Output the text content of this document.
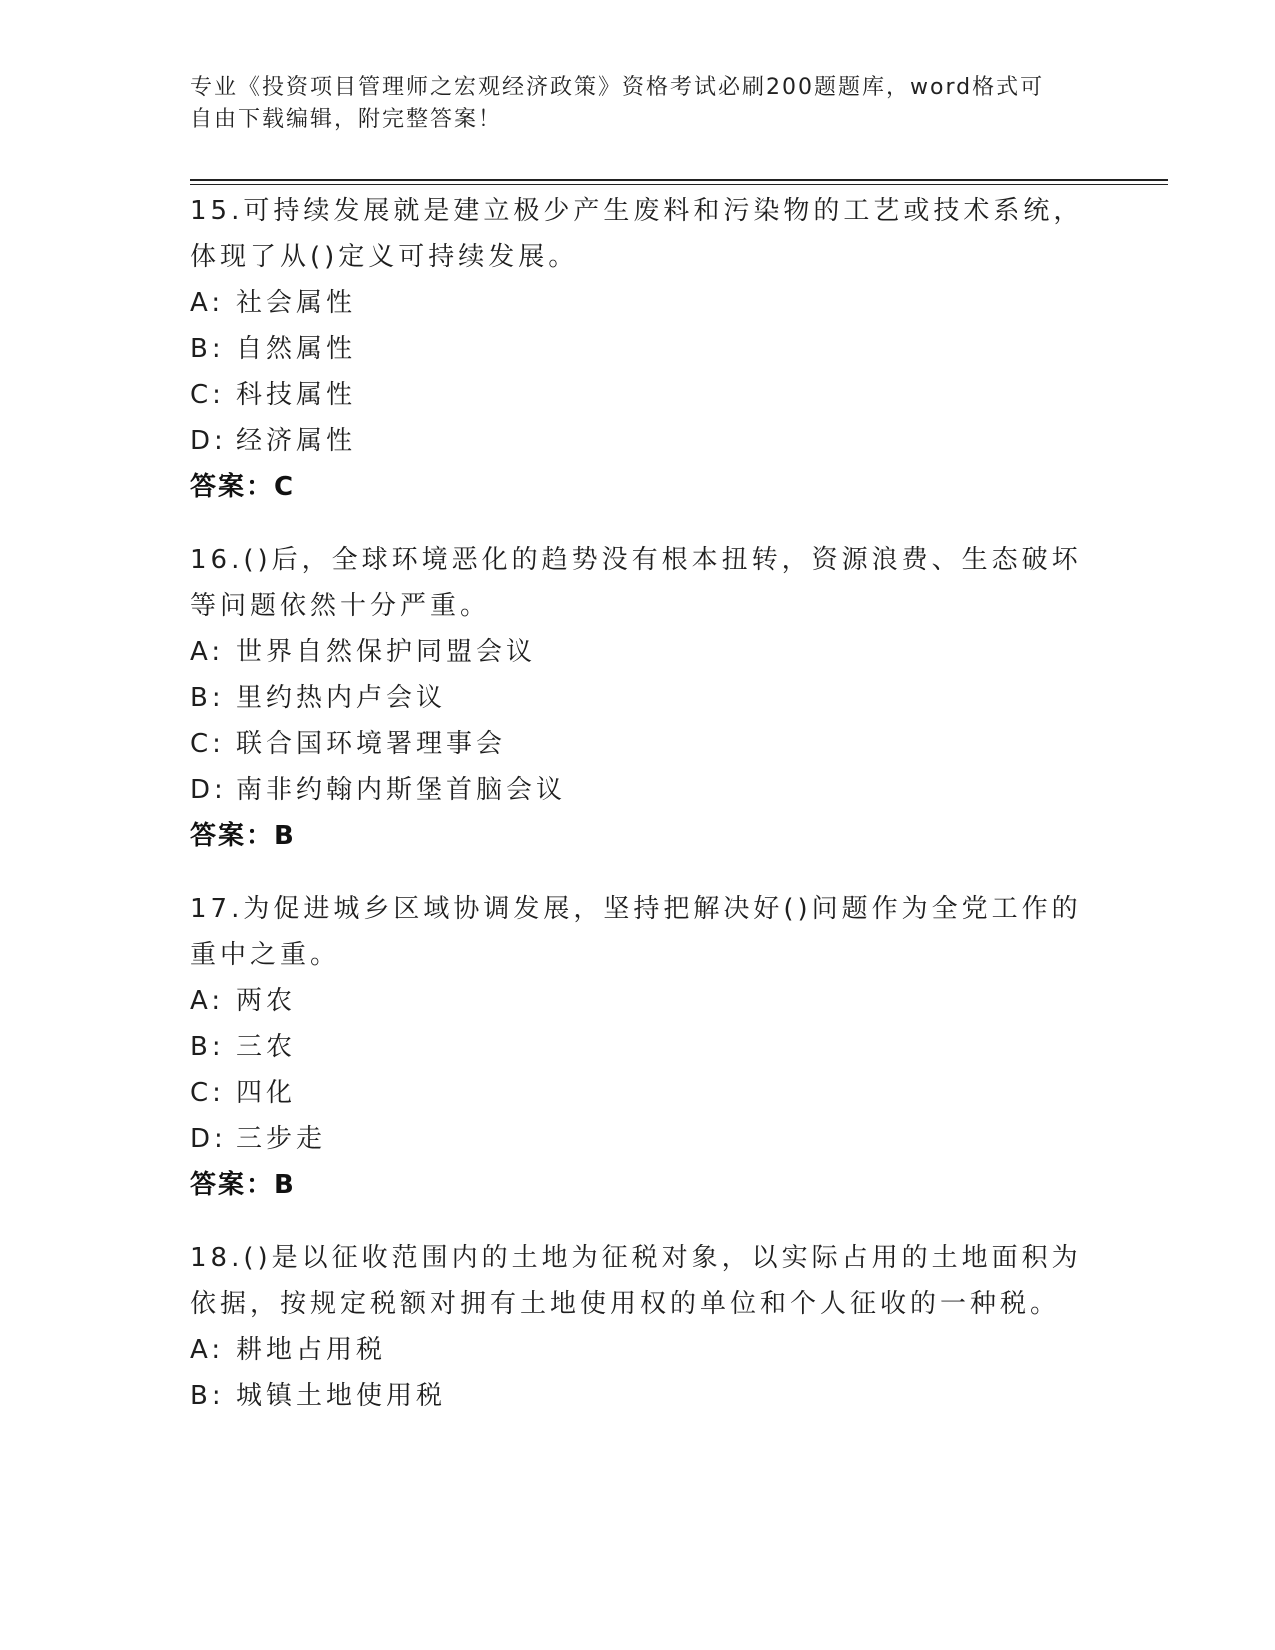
专业《投资项目管理师之宏观经济政策》资格考试必刷200题题库，word格式可
自由下载编辑，附完整答案！

15.可持续发展就是建立极少产生废料和污染物的工艺或技术系统，体现了从()定义可持续发展。

A: 社会属性

B: 自然属性

C: 科技属性

D: 经济属性

答案：C

16.()后，全球环境恶化的趋势没有根本扭转，资源浪费、生态破坏等问题依然十分严重。

A: 世界自然保护同盟会议

B: 里约热内卢会议

C: 联合国环境署理事会

D: 南非约翰内斯堡首脑会议

答案：B

17.为促进城乡区域协调发展，坚持把解决好()问题作为全党工作的重中之重。

A: 两农

B: 三农

C: 四化

D: 三步走

答案：B

18.()是以征收范围内的土地为征税对象，以实际占用的土地面积为依据，按规定税额对拥有土地使用权的单位和个人征收的一种税。

A: 耕地占用税

B: 城镇土地使用税
